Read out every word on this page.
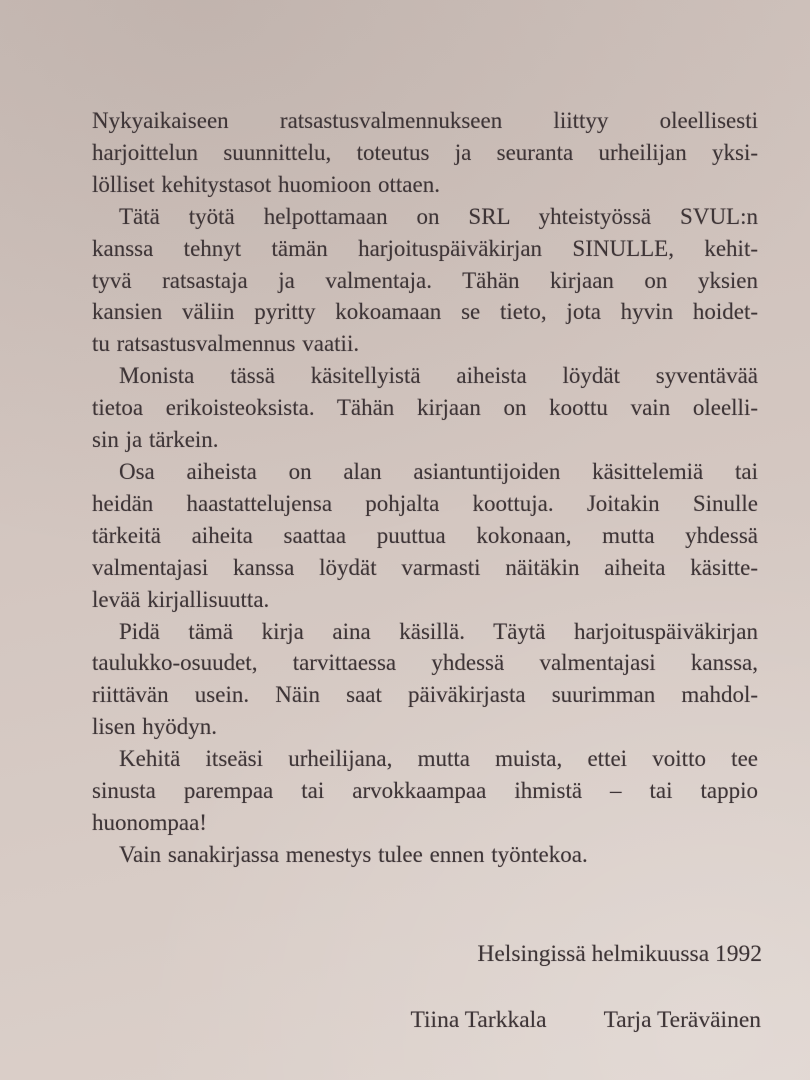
Nykyaikaiseen ratsastusvalmennukseen liittyy oleellisesti
harjoittelun suunnittelu, toteutus ja seuranta urheilijan yksi-
lölliset kehitystasot huomioon ottaen.

Tätä työtä helpottamaan on SRL yhteistyössä SVUL:n
kanssa tehnyt tämän harjoituspäiväkirjan SINULLE, kehit-
tyvä ratsastaja ja valmentaja. Tähän kirjaan on yksien
kansien väliin pyritty kokoamaan se tieto, jota hyvin hoidet-
tu ratsastusvalmennus vaatii.

Monista tässä käsitellyistä aiheista löydät syventävää
tietoa erikoisteoksista. Tähän kirjaan on koottu vain oleelli-
sin ja tärkein.

Osa aiheista on alan asiantuntijoiden käsittelemiä tai
heidän haastattelujensa pohjalta koottuja. Joitakin Sinulle
tärkeitä aiheita saattaa puuttua kokonaan, mutta yhdessä
valmentajasi kanssa löydät varmasti näitäkin aiheita käsitte-
levää kirjallisuutta.

Pidä tämä kirja aina käsillä. Täytä harjoituspäiväkirjan
taulukko-osuudet, tarvittaessa yhdessä valmentajasi kanssa,
riittävän usein. Näin saat päiväkirjasta suurimman mahdol-
lisen hyödyn.

Kehitä itseäsi urheilijana, mutta muista, ettei voitto tee
sinusta parempaa tai arvokkaampaa ihmistä – tai tappio
huonompaa!

Vain sanakirjassa menestys tulee ennen työntekoa.

Helsingissä helmikuussa 1992
Tiina Tarkkala Tarja Teräväinen
